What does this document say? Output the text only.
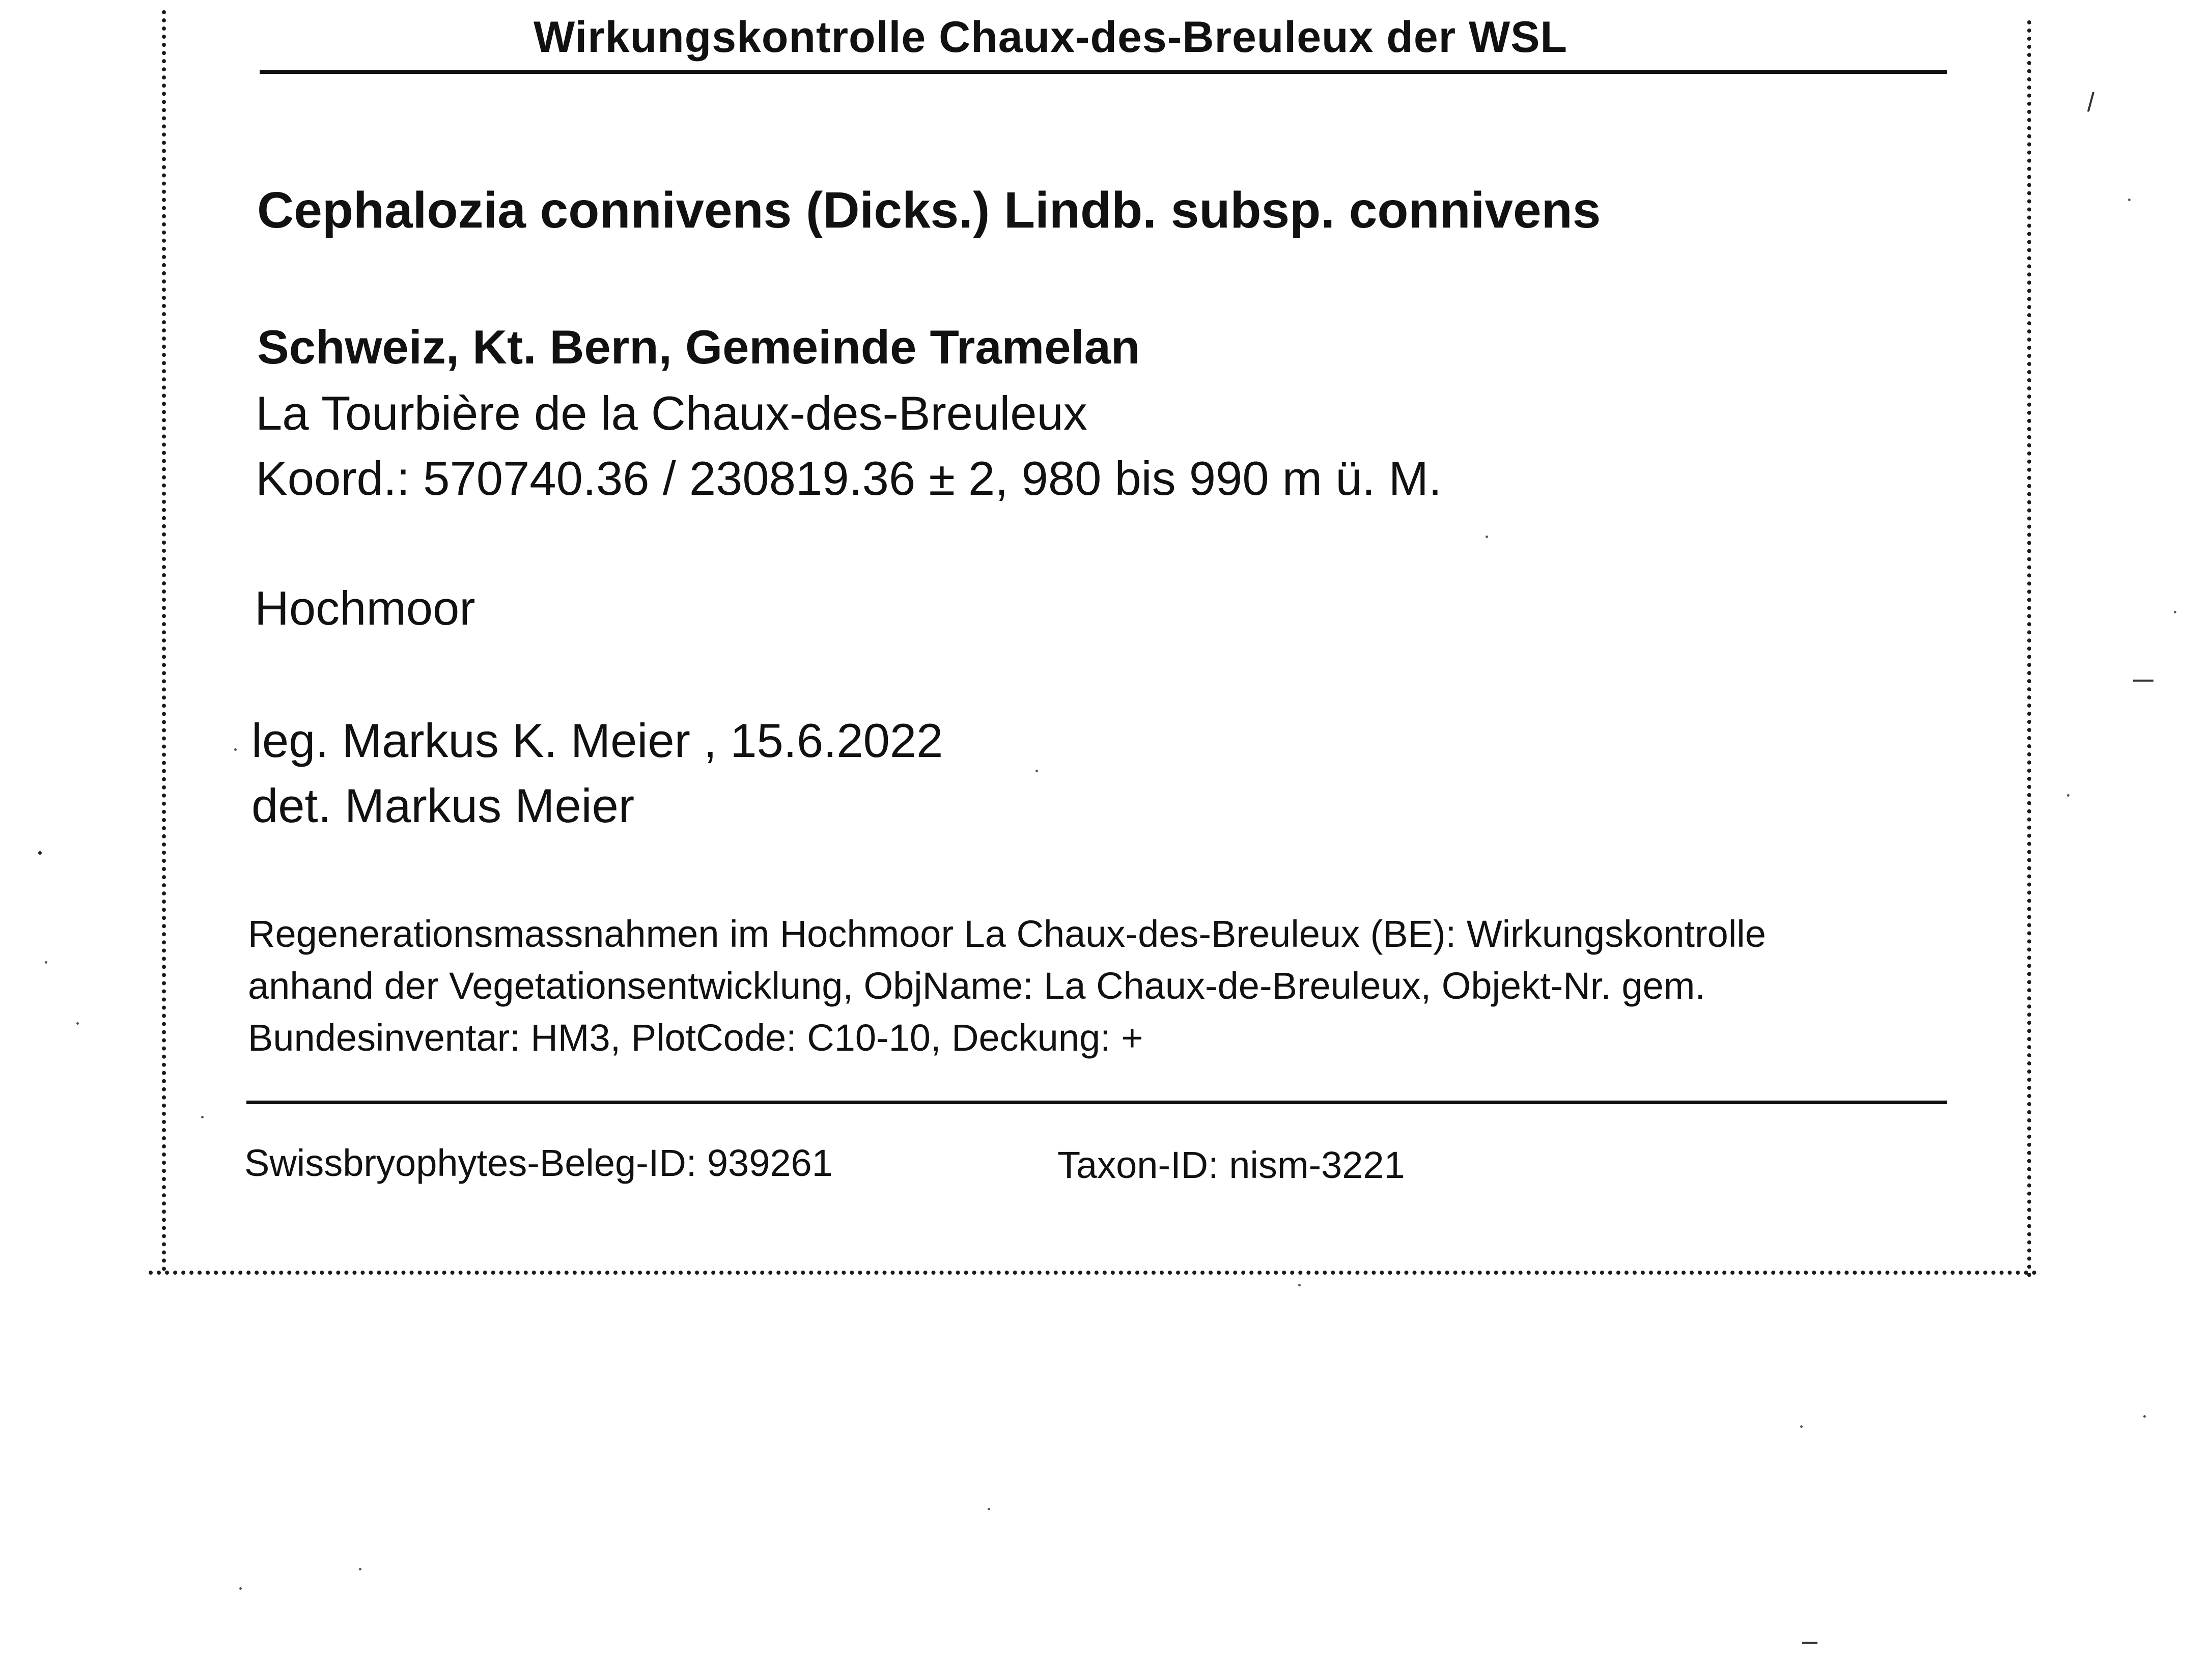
Wirkungskontrolle Chaux-des-Breuleux der WSL
Cephalozia connivens (Dicks.) Lindb. subsp. connivens
Schweiz, Kt. Bern, Gemeinde Tramelan
La Tourbière de la Chaux-des-Breuleux
Koord.: 570740.36 / 230819.36 ± 2, 980 bis 990 m ü. M.
Hochmoor
leg. Markus K. Meier , 15.6.2022
det. Markus Meier
Regenerationsmassnahmen im Hochmoor La Chaux-des-Breuleux (BE): Wirkungskontrolle
anhand der Vegetationsentwicklung, ObjName: La Chaux-de-Breuleux, Objekt-Nr. gem.
Bundesinventar: HM3, PlotCode: C10-10, Deckung: +
Swissbryophytes-Beleg-ID: 939261	Taxon-ID: nism-3221
